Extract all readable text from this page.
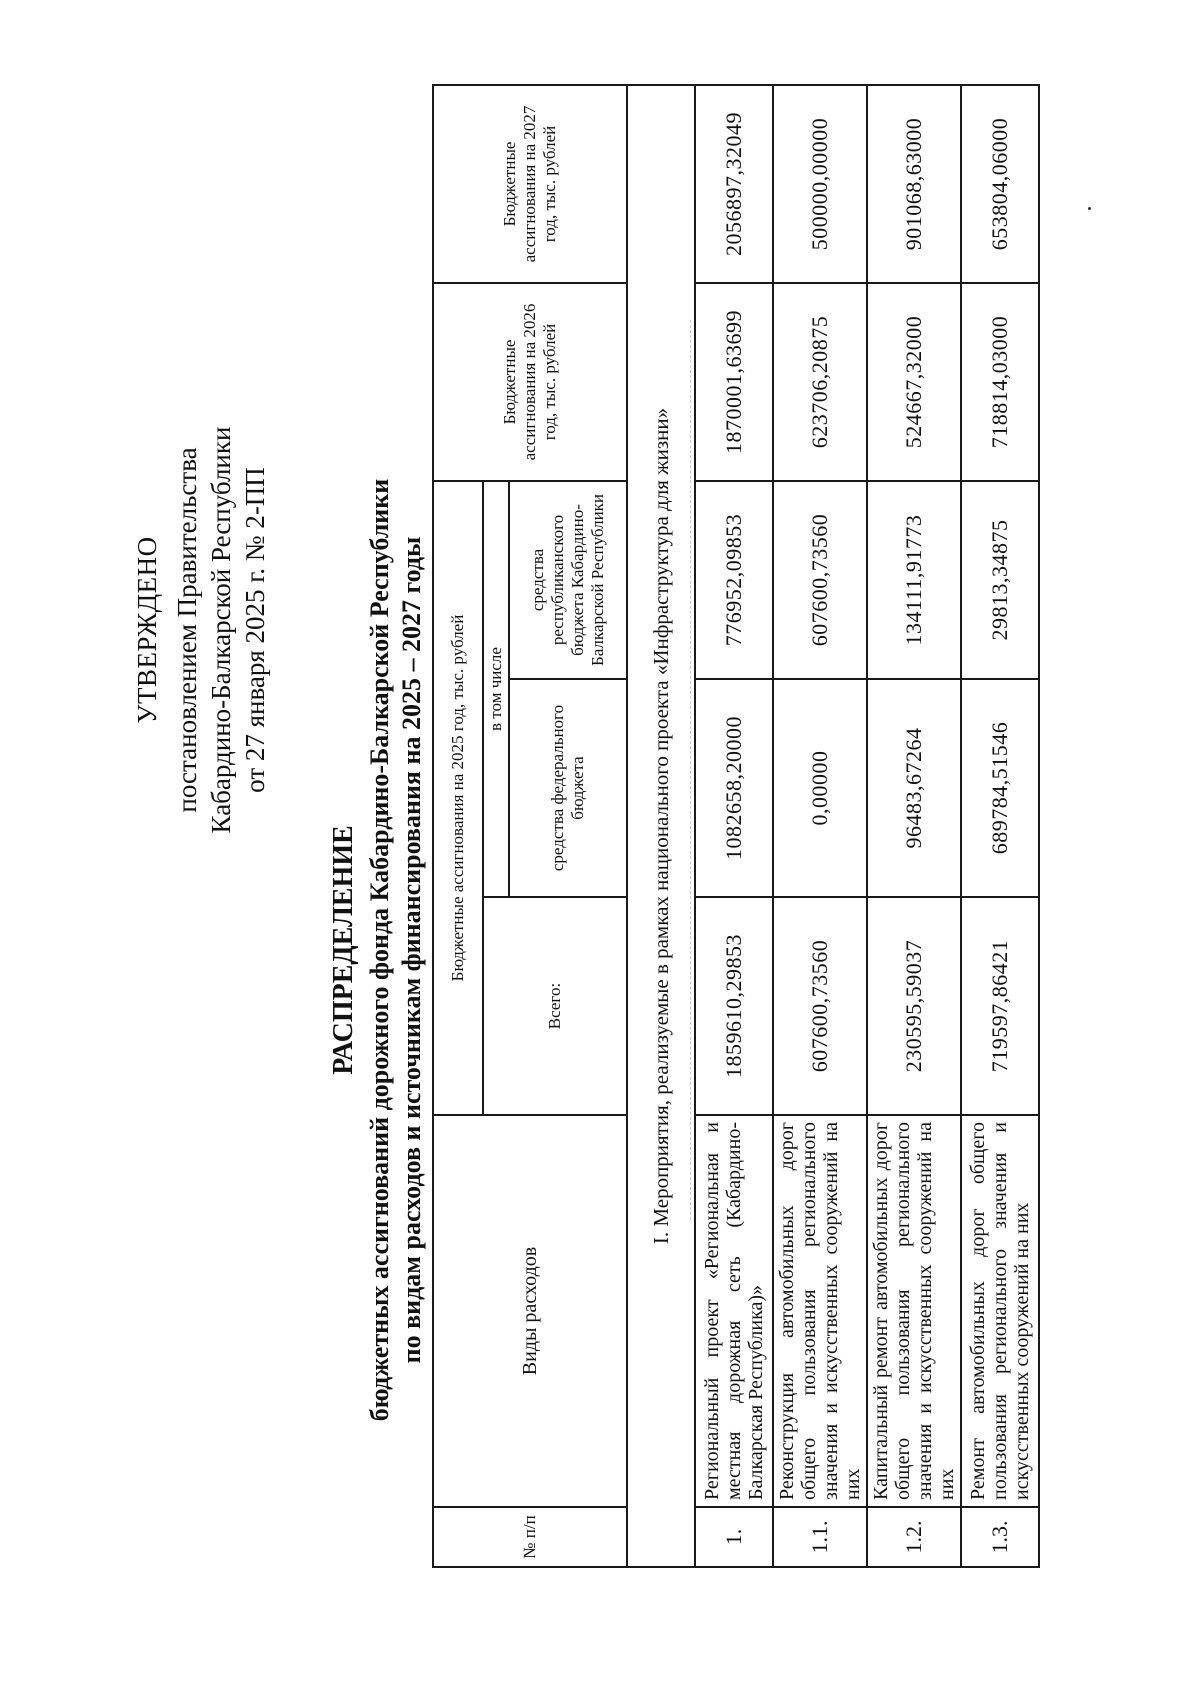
УТВЕРЖДЕНО постановлением Правительства Кабардино-Балкарской Республики от 27 января 2025 г. № 2-ПП
РАСПРЕДЕЛЕНИЕ бюджетных ассигнований дорожного фонда Кабардино-Балкарской Республики по видам расходов и источникам финансирования на 2025 – 2027 годы
№ п/п	Виды расходов	Бюджетные ассигнования на 2025 год, тыс. рублей			Бюджетные ассигнования на 2026 год, тыс. рублей	Бюджетные ассигнования на 2027 год, тыс. рублей
		Всего:	в том числе			
			средства федерального бюджета	средства республиканского бюджета Кабардино-Балкарской Республики		
I. Мероприятия, реализуемые в рамках национального проекта «Инфраструктура для жизни»						
1.	Региональный проект «Региональная и местная дорожная сеть (Кабардино-Балкарская Республика)»	1859610,29853	1082658,20000	776952,09853	1870001,63699	2056897,32049
1.1.	Реконструкция автомобильных дорог общего пользования регионального значения и искусственных сооружений на них	607600,73560	0,00000	607600,73560	623706,20875	500000,00000
1.2.	Капитальный ремонт автомобильных дорог общего пользования регионального значения и искусственных сооружений на них	230595,59037	96483,67264	134111,91773	524667,32000	901068,63000
1.3.	Ремонт автомобильных дорог общего пользования регионального значения и искусственных сооружений на них	719597,86421	689784,51546	29813,34875	718814,03000	653804,06000
